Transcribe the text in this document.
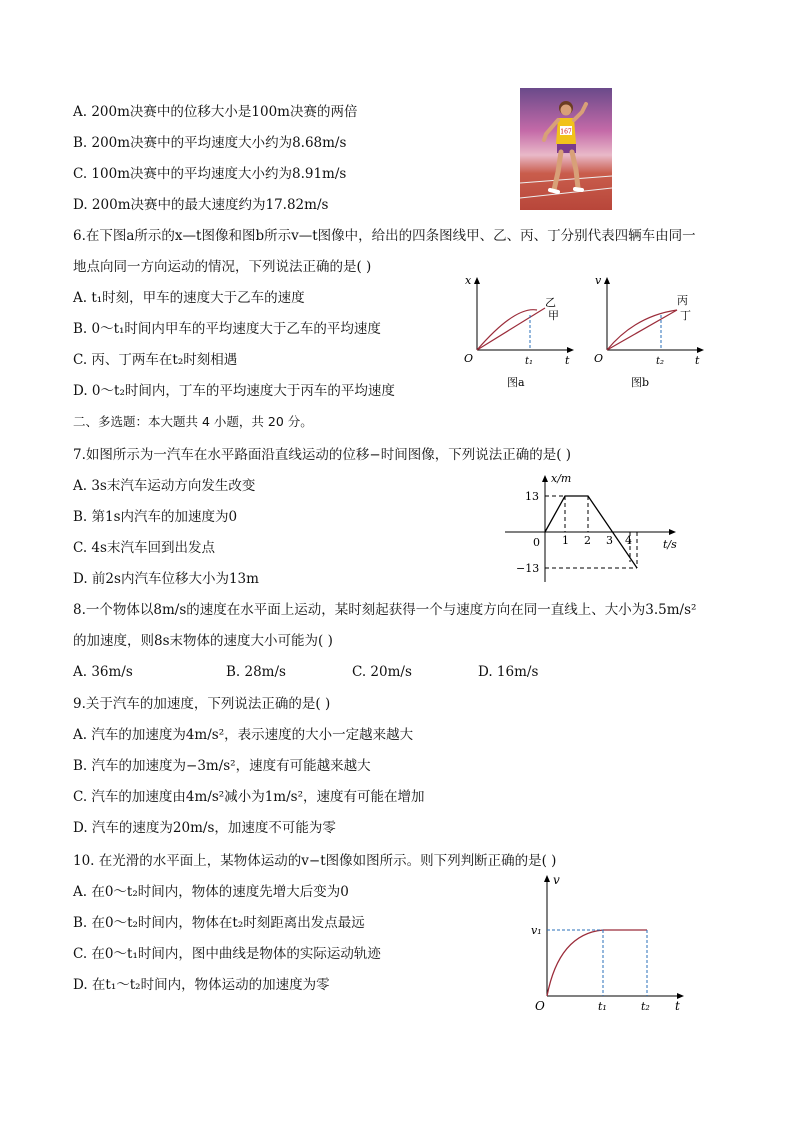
A. 200m决赛中的位移大小是100m决赛的两倍
B. 200m决赛中的平均速度大小约为8.68m/s
C. 100m决赛中的平均速度大小约为8.91m/s
D. 200m决赛中的最大速度约为17.82m/s
167
6.在下图a所示的x—t图像和图b所示v—t图像中，给出的四条图线甲、乙、丙、丁分别代表四辆车由同一
地点向同一方向运动的情况，下列说法正确的是( )
A. t₁时刻，甲车的速度大于乙车的速度
B. 0～t₁时间内甲车的平均速度大于乙车的平均速度
C. 丙、丁两车在t₂时刻相遇
D. 0～t₂时间内，丁车的平均速度大于丙车的平均速度
x
t
O	t₁
乙
甲
图a
v
t
O	t₂
丙
丁
图b
二、多选题：本大题共 4 小题，共 20 分。
7.如图所示为一汽车在水平路面沿直线运动的位移−时间图像，下列说法正确的是( )
A. 3s末汽车运动方向发生改变
B. 第1s内汽车的加速度为0
C. 4s末汽车回到出发点
D. 前2s内汽车位移大小为13m
x/m
t/s
0
13
−13
1 2 3 4
8.一个物体以8m/s的速度在水平面上运动，某时刻起获得一个与速度方向在同一直线上、大小为3.5m/s²
的加速度，则8s末物体的速度大小可能为( )
A. 36m/s	B. 28m/s	C. 20m/s	D. 16m/s
9.关于汽车的加速度，下列说法正确的是( )
A. 汽车的加速度为4m/s²，表示速度的大小一定越来越大
B. 汽车的加速度为−3m/s²，速度有可能越来越大
C. 汽车的加速度由4m/s²减小为1m/s²，速度有可能在增加
D. 汽车的速度为20m/s，加速度不可能为零
10. 在光滑的水平面上，某物体运动的v−t图像如图所示。则下列判断正确的是( )
A. 在0～t₂时间内，物体的速度先增大后变为0
B. 在0～t₂时间内，物体在t₂时刻距离出发点最远
C. 在0～t₁时间内，图中曲线是物体的实际运动轨迹
D. 在t₁～t₂时间内，物体运动的加速度为零
v
t
O
v₁
t₁	t₂
